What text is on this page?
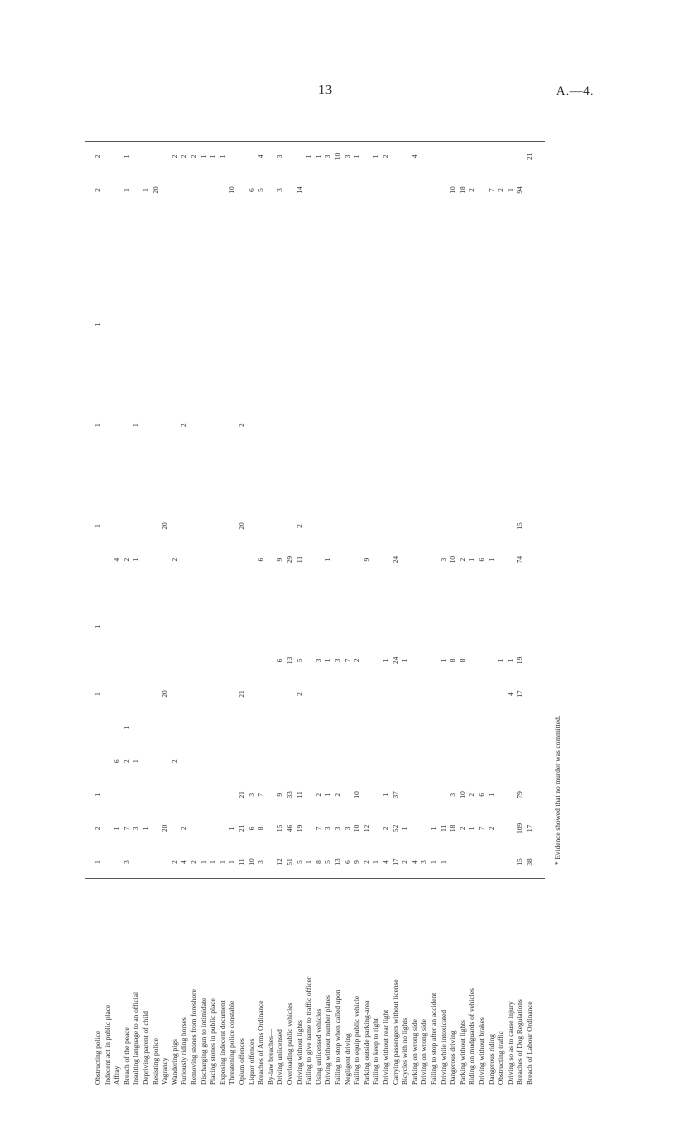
13	A.—4.
* Evidence showed that no murder was committed.
Obstructing police
1
2
1
1
1
1
1
1
2
2
Indecent act in public place Affray
1
6
4
Breach of the peace
3
7
2
1
2
1
1
Insulting language to an official
3
1
1
1
Depriving parent of child
1
1
Resisting police
20
Vagrancy
20
20
20
Wandering pigs
2
2
2
2
Furiously riding horses
4
2
2
2
Removing stones from foreshore
2
2
Discharging gun to intimidate
1
1
Placing stones in public place
1
1
Exposing indecent document
1
1
Threatening police constable
1
1
10
Opium offences
11
21
21
21
20
2
Liquor offences
10
6
3
6
Breaches of Arms Ordinance
3
8
7
6
5
4
By-law breaches— Driving unlicensed
12
15
9
6
9
3
3
Overloading public vehicles
51
46
33
13
29
Driving without lights
5
19
11
2
5
11
2
14
Failing to give name to traffic officer
1
1
Using unlicensed vehicles
8
7
2
3
1
Driving without number plates
5
3
1
1
1
3
Failing to stop when called upon
13
3
2
3
10
Negligent driving
6
3
7
3
Failing to equip public vehicle
9
10
10
2
1
Parking outside parking-area
2
12
9
Failing to keep to right
1
1
Driving without rear light
4
2
1
1
2
Carrying passengers without license
17
52
37
24
24
Bicycles with no lights
2
1
1
Parking on wrong side
4
4
Driving on wrong side
3
Failing to stop after an accident
1
1
Driving while intoxicated
1
11
1
3
Dangerous driving
18
3
8
10
10
Parking without lights
2
10
8
2
18
Riding on mudguards of vehicles
1
2
1
2
Driving without brakes
7
6
6
Dangerous riding
2
1
1
7
Obstructing traffic
1
2
Driving so as to cause injury
4
1
1
Breaches of Dog Regulations
15
109
79
17
19
74
15
94
Breach of Labour Ordinance
38
17
21
